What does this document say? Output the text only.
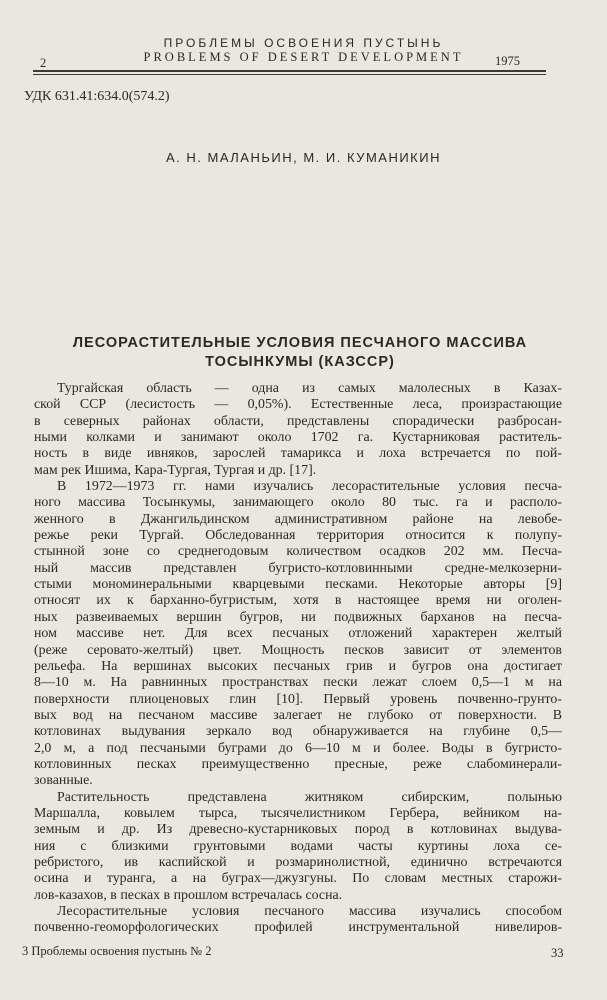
ПРОБЛЕМЫ ОСВОЕНИЯ ПУСТЫНЬ
PROBLEMS OF DESERT DEVELOPMENT
2	1975
УДК 631.41:634.0(574.2)
А. Н. МАЛАНЬИН, М. И. КУМАНИКИН
ЛЕСОРАСТИТЕЛЬНЫЕ УСЛОВИЯ ПЕСЧАНОГО МАССИВА
ТОСЫНКУМЫ (КАЗССР)
Тургайская область — одна из самых малолесных в Казах-
ской ССР (лесистость — 0,05%). Естественные леса, произрастающие
в северных районах области, представлены спорадически разбросан-
ными колками и занимают около 1702 га. Кустарниковая раститель-
ность в виде ивняков, зарослей тамарикса и лоха встречается по пой-
мам рек Ишима, Кара-Тургая, Тургая и др. [17].
В 1972—1973 гг. нами изучались лесорастительные условия песча-
ного массива Тосынкумы, занимающего около 80 тыс. га и располо-
женного в Джангильдинском административном районе на левобе-
режье реки Тургай. Обследованная территория относится к полупу-
стынной зоне со среднегодовым количеством осадков 202 мм. Песча-
ный массив представлен бугристо-котловинными средне-мелкозерни-
стыми мономинеральными кварцевыми песками. Некоторые авторы [9]
относят их к барханно-бугристым, хотя в настоящее время ни оголен-
ных развеиваемых вершин бугров, ни подвижных барханов на песча-
ном массиве нет. Для всех песчаных отложений характерен желтый
(реже серовато-желтый) цвет. Мощность песков зависит от элементов
рельефа. На вершинах высоких песчаных грив и бугров она достигает
8—10 м. На равнинных пространствах пески лежат слоем 0,5—1 м на
поверхности плиоценовых глин [10]. Первый уровень почвенно-грунто-
вых вод на песчаном массиве залегает не глубоко от поверхности. В
котловинах выдувания зеркало вод обнаруживается на глубине 0,5—
2,0 м, а под песчаными буграми до 6—10 м и более. Воды в бугристо-
котловинных песках преимущественно пресные, реже слабоминерали-
зованные.
Растительность представлена житняком сибирским, полынью
Маршалла, ковылем тырса, тысячелистником Гербера, вейником на-
земным и др. Из древесно-кустарниковых пород в котловинах выдува-
ния с близкими грунтовыми водами часты куртины лоха се-
ребристого, ив каспийской и розмаринолистной, единично встречаются
осина и туранга, а на буграх—джузгуны. По словам местных старожи-
лов-казахов, в песках в прошлом встречалась сосна.
Лесорастительные условия песчаного массива изучались способом
почвенно-геоморфологических профилей инструментальной нивелиров-
3 Проблемы освоения пустынь № 2	33
